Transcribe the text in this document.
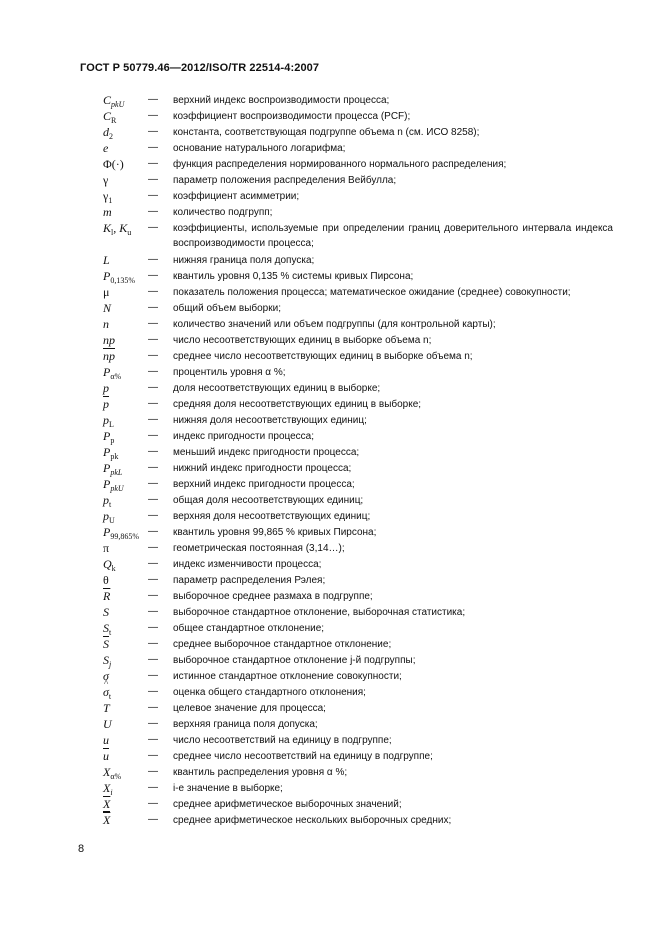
ГОСТ Р 50779.46—2012/ISO/TR 22514-4:2007
$C_{pkU}$ — верхний индекс воспроизводимости процесса;
$C_R$	— коэффициент воспроизводимости процесса (PCF);
$d_2$	— константа, соответствующая подгруппе объема n (см. ИСО 8258);
e	— основание натурального логарифма;
Φ(·) — функция распределения нормированного нормального распределения;
γ	— параметр положения распределения Вейбулла;
$\gamma_1$	— коэффициент асимметрии;
m	— количество подгрупп;
$K_l$, $K_u$ — коэффициенты, используемые при определении границ доверительного интервала индекса воспроизводимости процесса;
L	— нижняя граница поля допуска;
$P_{0,135\%}$ — квантиль уровня 0,135 % системы кривых Пирсона;
μ	— показатель положения процесса; математическое ожидание (среднее) совокупности;
N	— общий объем выборки;
n	— количество значений или объем подгруппы (для контрольной карты);
np	— число несоответствующих единиц в выборке объема n;
$\overline{np}$	— среднее число несоответствующих единиц в выборке объема n;
$P_{\alpha\%}$	— процентиль уровня α %;
p	— доля несоответствующих единиц в выборке;
$\overline{p}$	— средняя доля несоответствующих единиц в выборке;
$p_L$	— нижняя доля несоответствующих единиц;
$P_p$	— индекс пригодности процесса;
$P_{pk}$	— меньший индекс пригодности процесса;
$P_{pkL}$	— нижний индекс пригодности процесса;
$P_{pkU}$ — верхний индекс пригодности процесса;
$p_t$	— общая доля несоответствующих единиц;
$p_U$	— верхняя доля несоответствующих единиц;
$P_{99,865\%}$ — квантиль уровня 99,865 % кривых Пирсона;
π	— геометрическая постоянная (3,14…);
$Q_k$	— индекс изменчивости процесса;
θ	— параметр распределения Рэлея;
$\overline{R}$	— выборочное среднее размаха в подгруппе;
S	— выборочное стандартное отклонение, выборочная статистика;
$S_t$	— общее стандартное отклонение;
$\overline{S}$	— среднее выборочное стандартное отклонение;
$S_j$	— выборочное стандартное отклонение j-й подгруппы;
σ	— истинное стандартное отклонение совокупности;
^ $\sigma_t$	— оценка общего стандартного отклонения;
T	— целевое значение для процесса;
U	— верхняя граница поля допуска;
u	— число несоответствий на единицу в подгруппе;
$\overline{u}$	— среднее число несоответствий на единицу в подгруппе;
$X_{\alpha\%}$	— квантиль распределения уровня α %;
$X_i$	— i-е значение в выборке;
$\overline{X}$	— среднее арифметическое выборочных значений;
$\overline{X}$	— среднее арифметическое нескольких выборочных средних;
8
